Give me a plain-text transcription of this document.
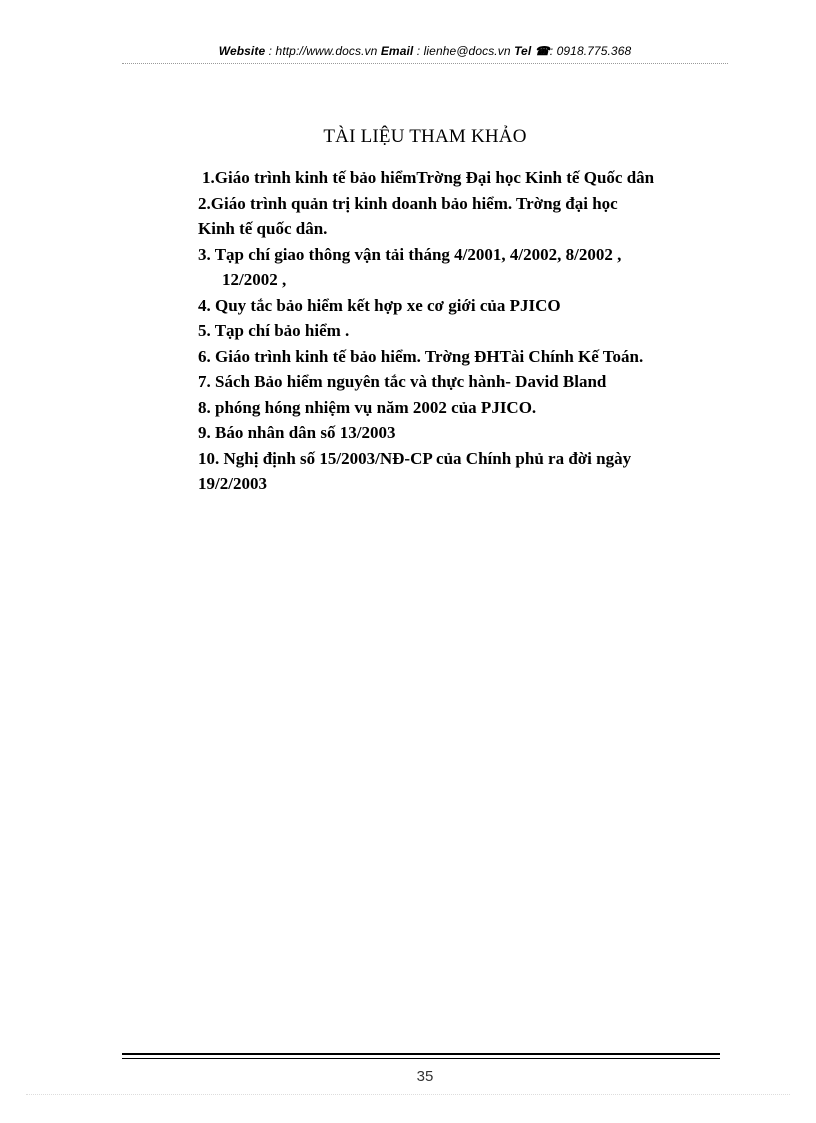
Website : http://www.docs.vn Email : lienhe@docs.vn Tel ☎: 0918.775.368
TÀI LIỆU THAM KHẢO
1.Giáo trình kinh tế bảo hiểmTrờng Đại học Kinh tế Quốc dân
2.Giáo trình quản trị kinh doanh bảo hiểm. Trờng đại học
Kinh tế quốc dân.
3. Tạp chí giao thông vận tải tháng 4/2001, 4/2002, 8/2002 ,
12/2002 ,
4. Quy tắc bảo hiểm kết hợp xe cơ giới của PJICO
5. Tạp chí bảo hiểm .
6. Giáo trình kinh tế bảo hiểm. Trờng ĐHTài Chính Kế Toán.
7. Sách Bảo hiểm nguyên tắc và thực hành- David Bland
8. phóng hóng nhiệm vụ năm 2002 của PJICO.
9. Báo nhân dân số 13/2003
10. Nghị định số 15/2003/NĐ-CP của Chính phủ ra đời ngày
19/2/2003
35
